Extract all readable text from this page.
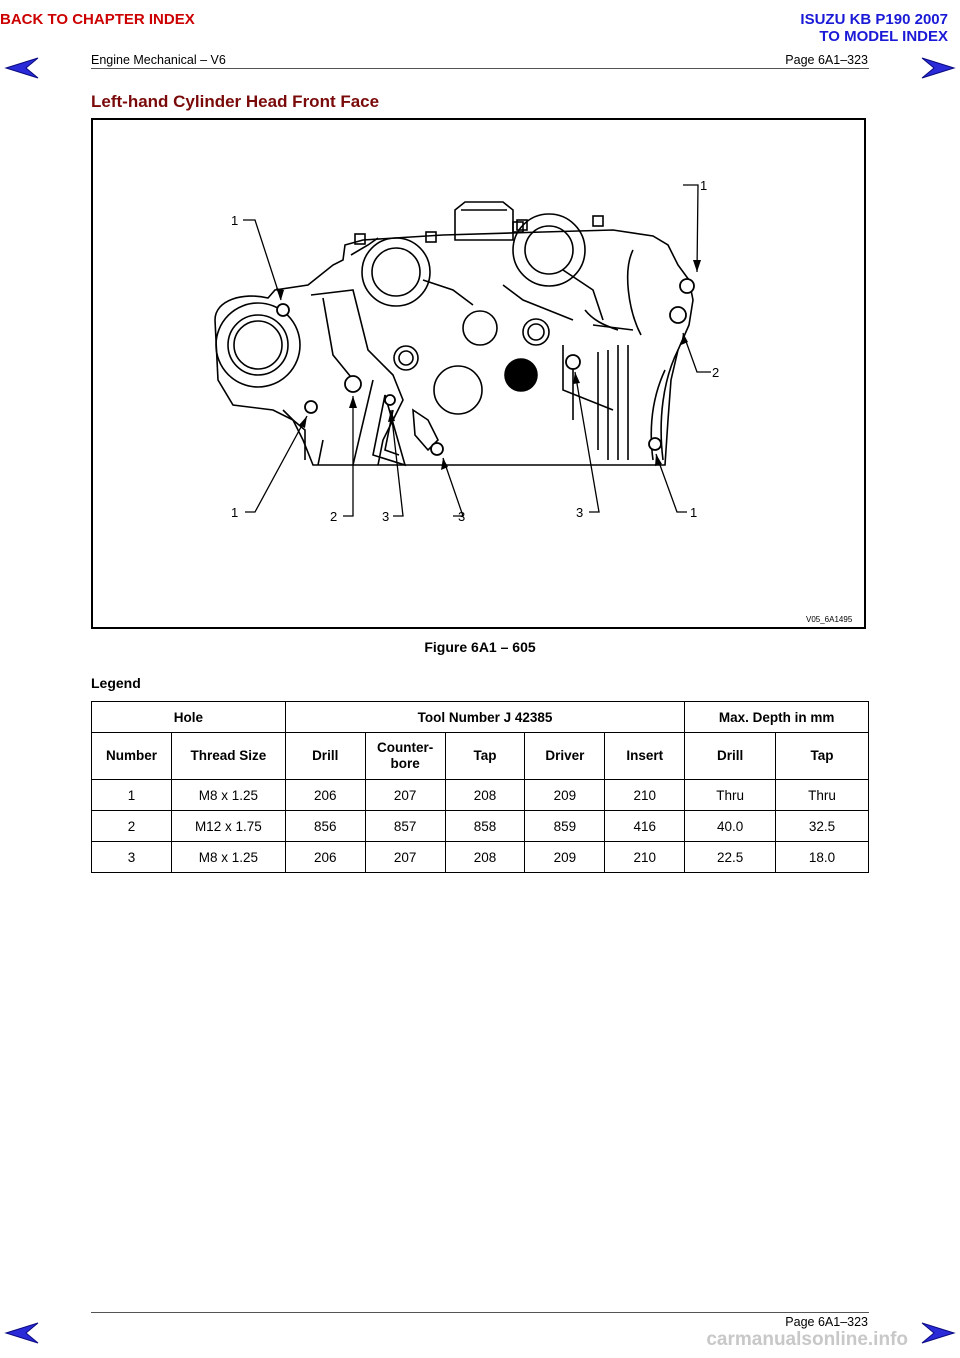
BACK TO CHAPTER INDEX	ISUZU KB P190 2007
TO MODEL INDEX
Engine Mechanical – V6	Page 6A1–323
Left-hand Cylinder Head Front Face
1
1
2
1	2	3	3	3	1
V05_6A1495
Figure 6A1 – 605
Legend
Hole		Tool Number J 42385					Max. Depth in mm	
Number	Thread Size	Drill	Counter-
bore	Tap	Driver	Insert	Drill	Tap
1	M8 x 1.25	206	207	208	209	210	Thru	Thru
2	M12 x 1.75	856	857	858	859	416	40.0	32.5
3	M8 x 1.25	206	207	208	209	210	22.5	18.0
Page 6A1–323
carmanualsonline.info
